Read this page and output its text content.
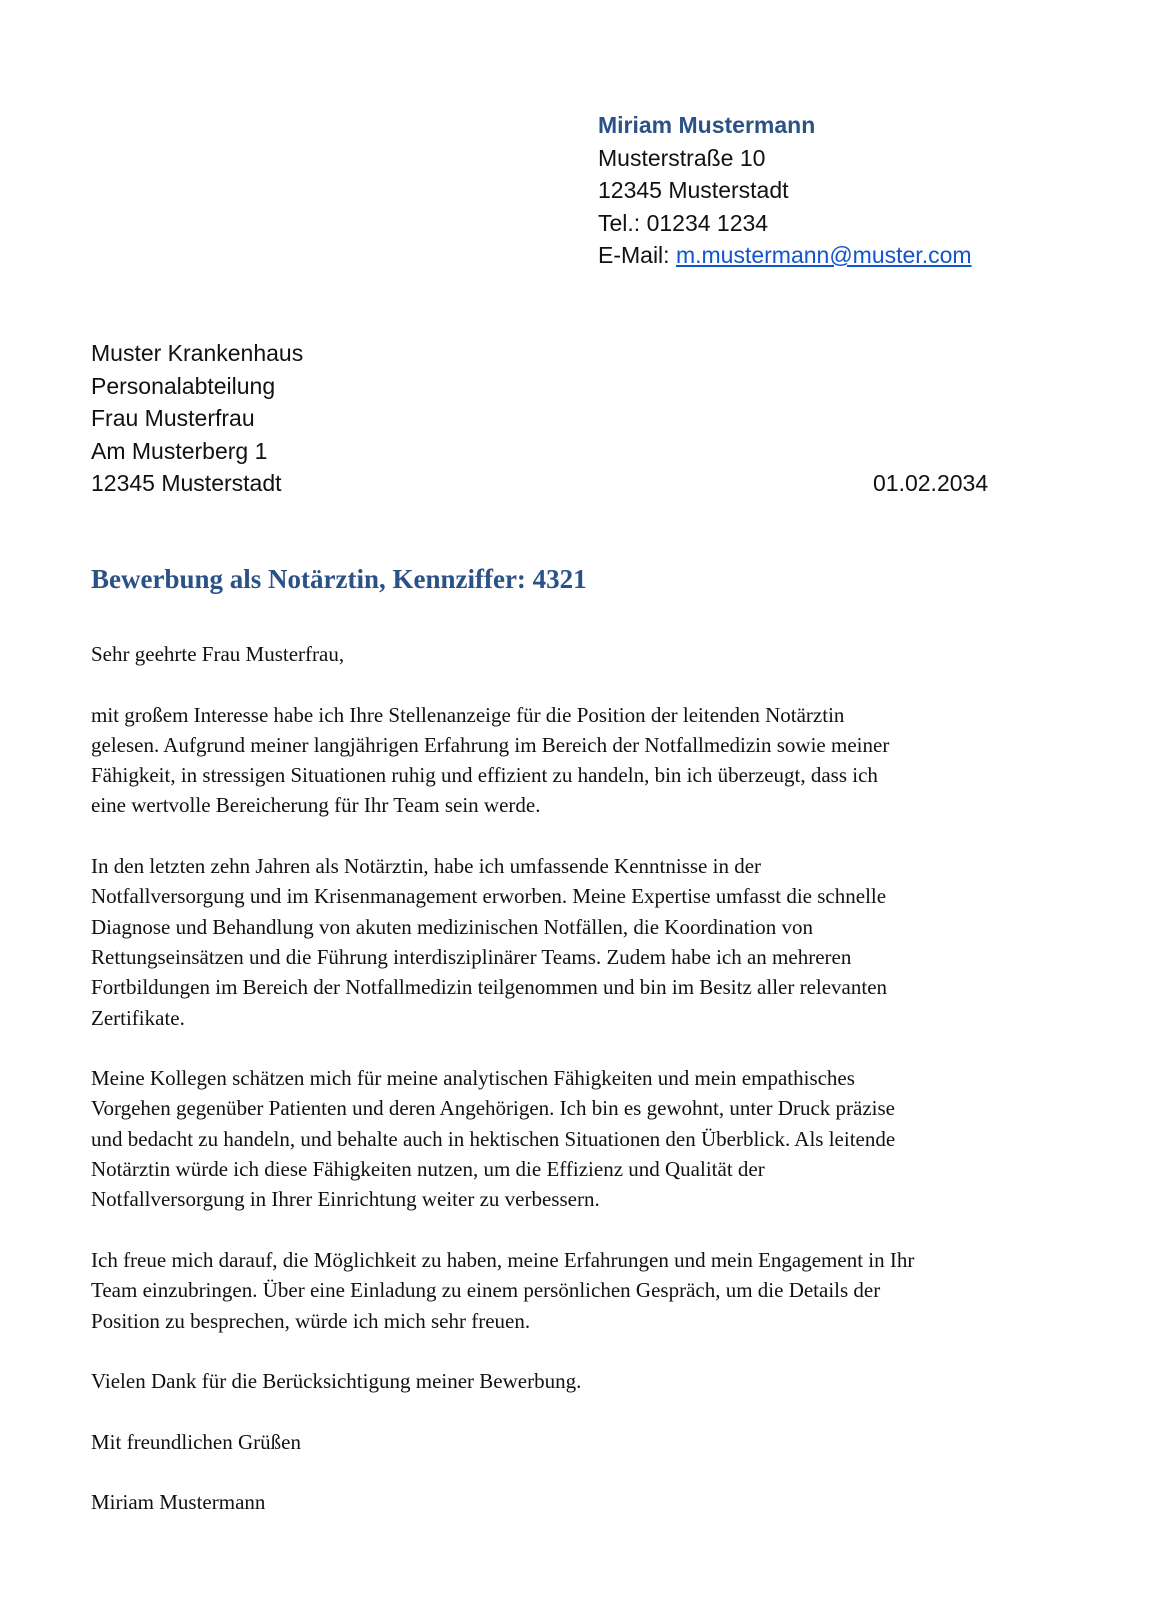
Miriam Mustermann
Musterstraße 10
12345 Musterstadt
Tel.: 01234 1234
E-Mail: m.mustermann@muster.com
Muster Krankenhaus
Personalabteilung
Frau Musterfrau
Am Musterberg 1
12345 Musterstadt	01.02.2034
Bewerbung als Notärztin, Kennziffer: 4321

Sehr geehrte Frau Musterfrau,

mit großem Interesse habe ich Ihre Stellenanzeige für die Position der leitenden Notärztin
gelesen. Aufgrund meiner langjährigen Erfahrung im Bereich der Notfallmedizin sowie meiner
Fähigkeit, in stressigen Situationen ruhig und effizient zu handeln, bin ich überzeugt, dass ich
eine wertvolle Bereicherung für Ihr Team sein werde.

In den letzten zehn Jahren als Notärztin, habe ich umfassende Kenntnisse in der
Notfallversorgung und im Krisenmanagement erworben. Meine Expertise umfasst die schnelle
Diagnose und Behandlung von akuten medizinischen Notfällen, die Koordination von
Rettungseinsätzen und die Führung interdisziplinärer Teams. Zudem habe ich an mehreren
Fortbildungen im Bereich der Notfallmedizin teilgenommen und bin im Besitz aller relevanten
Zertifikate.

Meine Kollegen schätzen mich für meine analytischen Fähigkeiten und mein empathisches
Vorgehen gegenüber Patienten und deren Angehörigen. Ich bin es gewohnt, unter Druck präzise
und bedacht zu handeln, und behalte auch in hektischen Situationen den Überblick. Als leitende
Notärztin würde ich diese Fähigkeiten nutzen, um die Effizienz und Qualität der
Notfallversorgung in Ihrer Einrichtung weiter zu verbessern.

Ich freue mich darauf, die Möglichkeit zu haben, meine Erfahrungen und mein Engagement in Ihr
Team einzubringen. Über eine Einladung zu einem persönlichen Gespräch, um die Details der
Position zu besprechen, würde ich mich sehr freuen.

Vielen Dank für die Berücksichtigung meiner Bewerbung.

Mit freundlichen Grüßen

Miriam Mustermann
